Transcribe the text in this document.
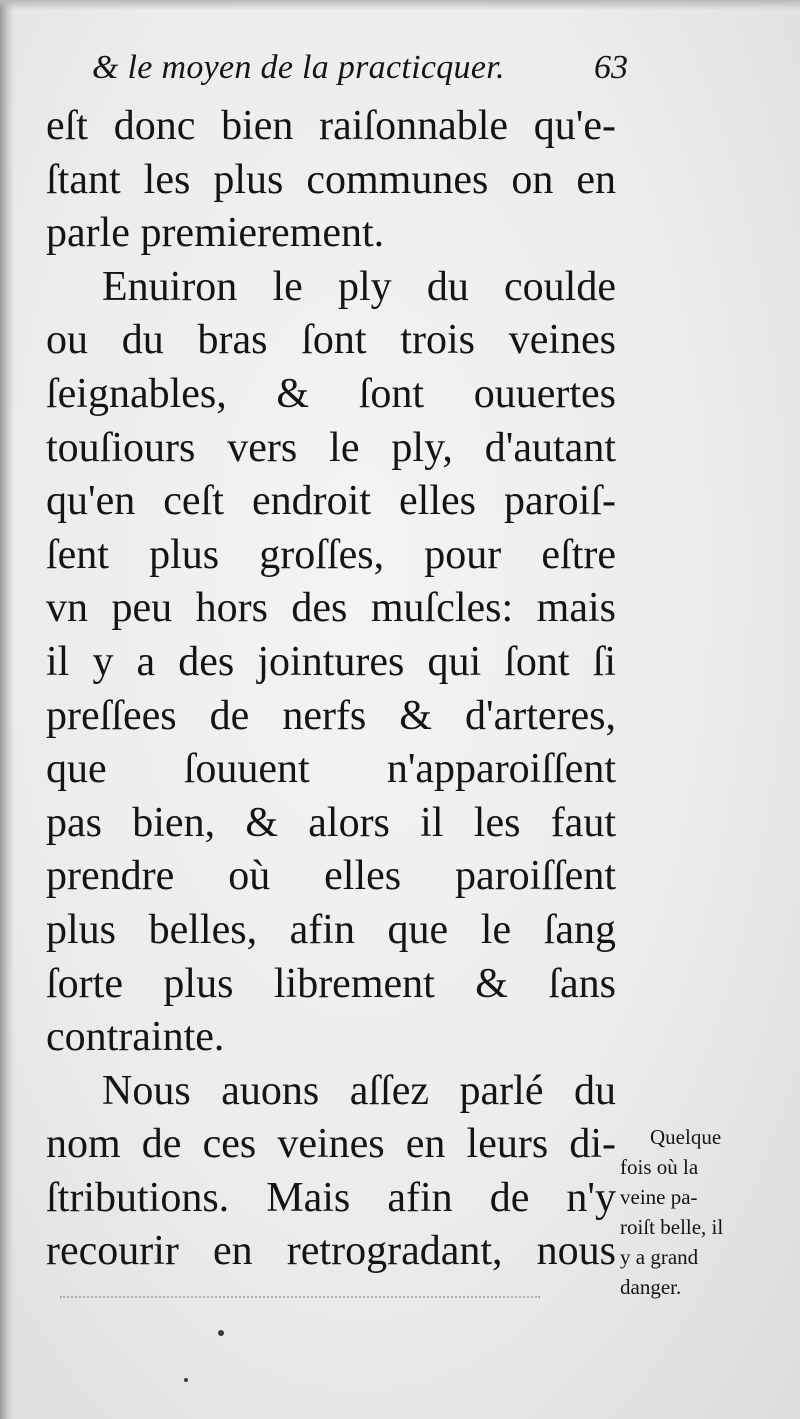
& le moyen de la practicquer.	63
eſt donc bien raiſonnable qu'e-
ſtant les plus communes on en
parle premierement.
Enuiron le ply du coulde
ou du bras ſont trois veines
ſeignables, & ſont ouuertes
touſiours vers le ply, d'autant
qu'en ceſt endroit elles paroiſ-
ſent plus groſſes, pour eſtre
vn peu hors des muſcles: mais
il y a des jointures qui ſont ſi
preſſees de nerfs & d'arteres,
que ſouuent n'apparoiſſent
pas bien, & alors il les faut
prendre où elles paroiſſent
plus belles, afin que le ſang
ſorte plus librement & ſans
contrainte.
Nous auons aſſez parlé du
nom de ces veines en leurs di-
ſtributions. Mais afin de n'y
recourir en retrogradant, nous
Quelque
fois où la
veine pa-
roiſt belle, il
y a grand
danger.
